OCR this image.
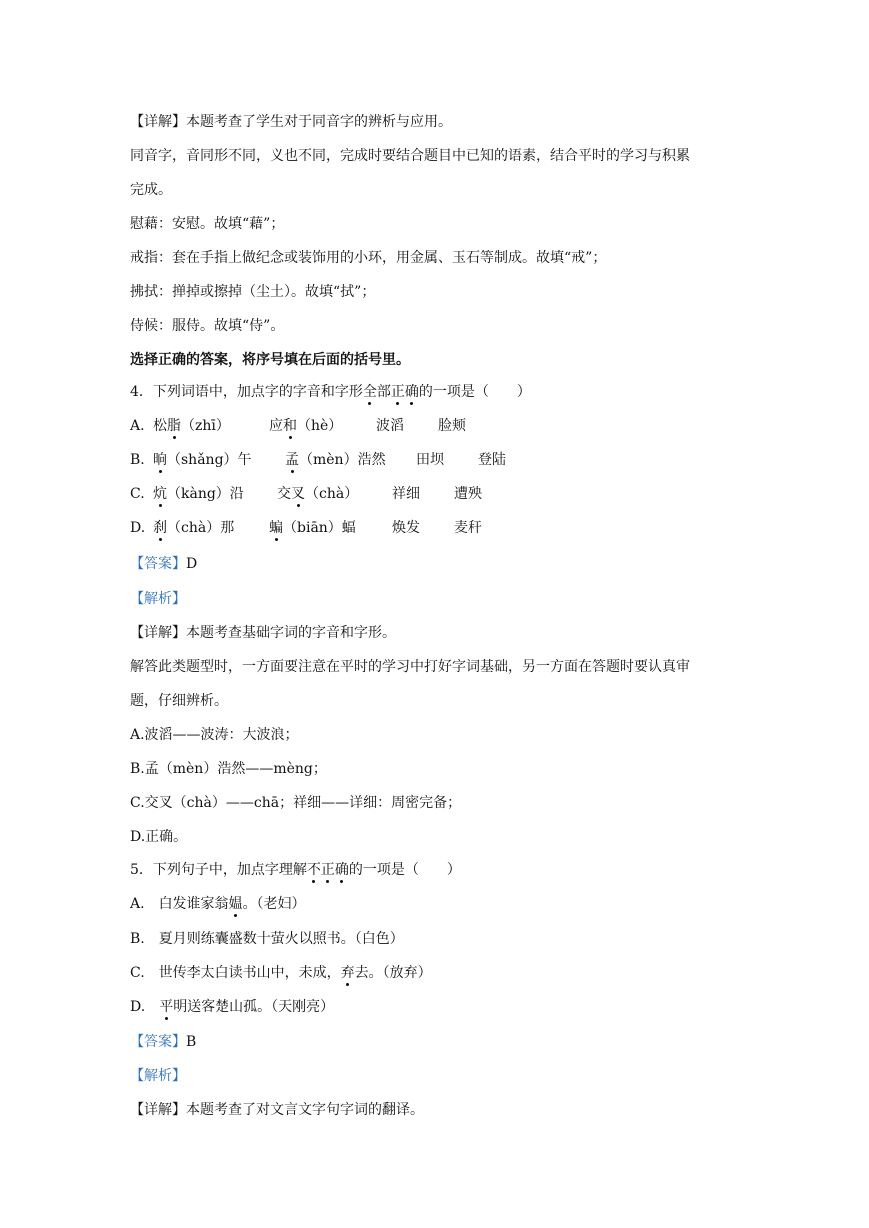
【详解】本题考查了学生对于同音字的辨析与应用。
同音字，音同形不同，义也不同，完成时要结合题目中已知的语素，结合平时的学习与积累
完成。
慰藉：安慰。故填“藉”；
戒指：套在手指上做纪念或装饰用的小环，用金属、玉石等制成。故填“戒”；
拂拭：掸掉或擦掉（尘土）。故填“拭”；
侍候：服侍。故填“侍”。
选择正确的答案，将序号填在后面的括号里。
4．下列词语中，加点字的字音和字形全部正确的一项是（　　）
A. 松脂（zhī）	应和（hè） 波滔 脸颊
B. 晌（shǎng）午 孟（mèn）浩然 田坝 登陆
C. 炕（kàng）沿 交叉（chà） 祥细 遭殃
D. 刹（chà）那 蝙（biān）蝠	焕发 麦秆
【答案】D
【解析】
【详解】本题考查基础字词的字音和字形。
解答此类题型时，一方面要注意在平时的学习中打好字词基础，另一方面在答题时要认真审
题，仔细辨析。
A.波滔——波涛：大波浪；
B.孟（mèn）浩然——mèng；
C.交叉（chà）——chā；祥细——详细：周密完备；
D.正确。
5．下列句子中，加点字理解不正确的一项是（　　）
A.  白发谁家翁媪。（老妇）
B.  夏月则练囊盛数十萤火以照书。（白色）
C.  世传李太白读书山中，未成，弃去。（放弃）
D.  平明送客楚山孤。（天刚亮）
【答案】B
【解析】
【详解】本题考查了对文言文字句字词的翻译。
